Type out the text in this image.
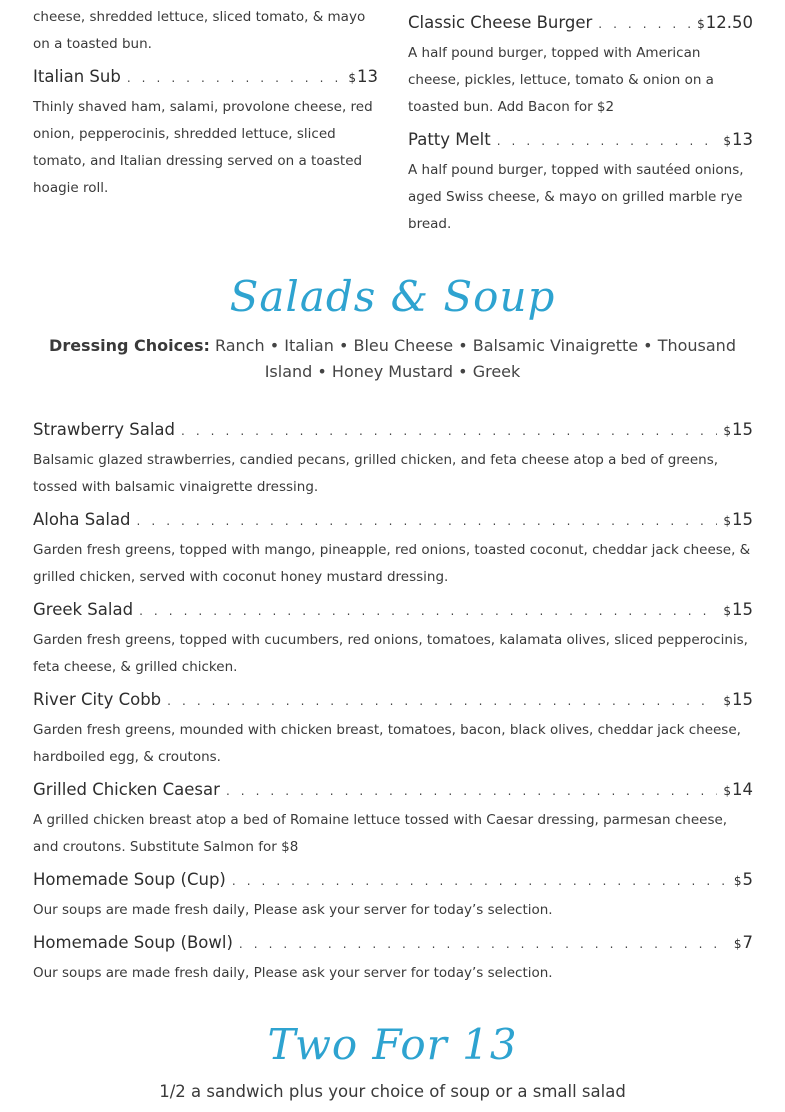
cheese, shredded lettuce, sliced tomato, & mayo on a toasted bun.

Italian Sub . . .	$13

Thinly shaved ham, salami, provolone cheese, red onion, pepperocinis, shredded lettuce, sliced tomato, and Italian dressing served on a toasted hoagie roll.

Classic Cheese Burger . . .	$12.50

A half pound burger, topped with American cheese, pickles, lettuce, tomato & onion on a toasted bun. Add Bacon for $2

Patty Melt . . .	$13

A half pound burger, topped with sautéed onions, aged Swiss cheese, & mayo on grilled marble rye bread.

Salads & Soup
Dressing Choices: Ranch • Italian • Bleu Cheese • Balsamic Vinaigrette • Thousand Island • Honey Mustard • Greek
Strawberry Salad . . .	$15

Balsamic glazed strawberries, candied pecans, grilled chicken, and feta cheese atop a bed of greens, tossed with balsamic vinaigrette dressing.

Aloha Salad . . .	$15

Garden fresh greens, topped with mango, pineapple, red onions, toasted coconut, cheddar jack cheese, & grilled chicken, served with coconut honey mustard dressing.

Greek Salad . . .	$15

Garden fresh greens, topped with cucumbers, red onions, tomatoes, kalamata olives, sliced pepperocinis, feta cheese, & grilled chicken.

River City Cobb . . .	$15

Garden fresh greens, mounded with chicken breast, tomatoes, bacon, black olives, cheddar jack cheese, hardboiled egg, & croutons.

Grilled Chicken Caesar . . .	$14

A grilled chicken breast atop a bed of Romaine lettuce tossed with Caesar dressing, parmesan cheese, and croutons. Substitute Salmon for $8

Homemade Soup (Cup) . . .	$5

Our soups are made fresh daily, Please ask your server for today’s selection.

Homemade Soup (Bowl) . . .	$7

Our soups are made fresh daily, Please ask your server for today’s selection.

Two For 13
1/2 a sandwich plus your choice of soup or a small salad
